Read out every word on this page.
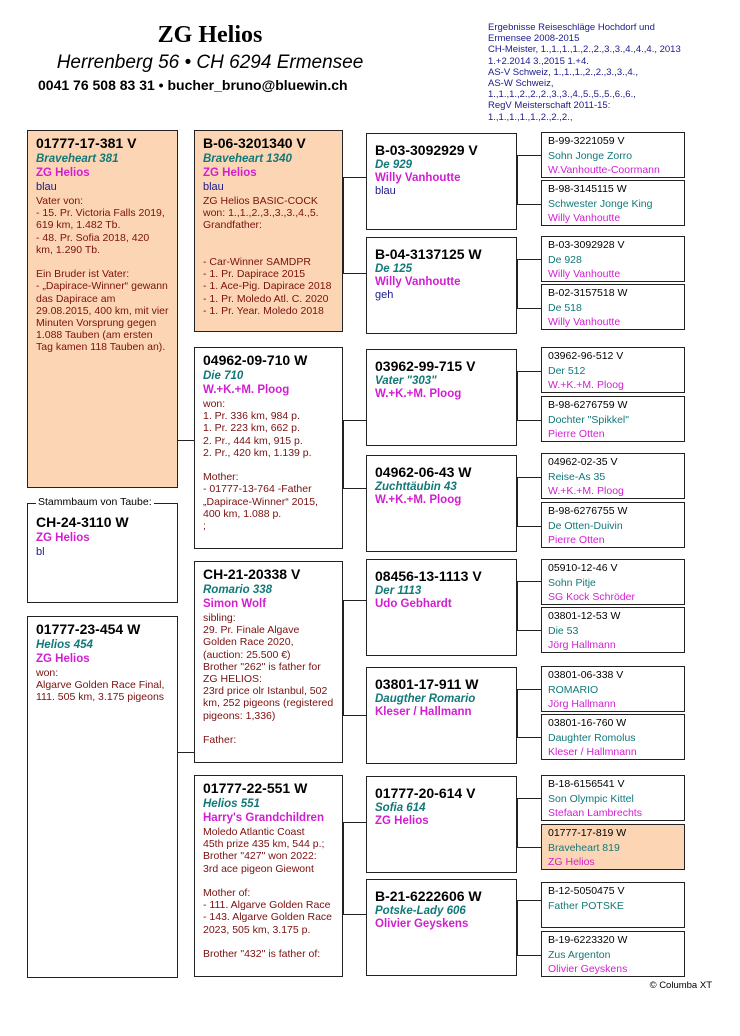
ZG Helios
Herrenberg 56 • CH 6294 Ermensee
0041 76 508 83 31 • bucher_bruno@bluewin.ch
Ergebnisse Reiseschläge Hochdorf und Ermensee 2008-2015
CH-Meister, 1.,1.,1.,1.,2.,2.,3.,3.,4.,4.,4., 2013 1.+2.2014 3.,2015 1.+4.
AS-V Schweiz, 1.,1.,1.,2.,2.,3.,3.,4.,
AS-W Schweiz,
1.,1.,1.,2.,2.,2.,3.,3.,4.,5.,5.,5.,6.,6.,
RegV Meisterschaft 2011-15:
1.,1.,1.,1.,1.,2.,2.,2.,
01777-17-381 V
Braveheart 381
ZG Helios
blau
Vater von:
- 15. Pr. Victoria Falls 2019, 619 km, 1.482 Tb.
- 48. Pr. Sofia 2018, 420 km, 1.290 Tb.

Ein Bruder ist Vater:
- „Dapirace-Winner“ gewann das Dapirace am 29.08.2015, 400 km, mit vier Minuten Vorsprung gegen 1.088 Tauben (am ersten Tag kamen 118 Tauben an).
CH-24-3110 W
ZG Helios
bl
Stammbaum von Taube:
01777-23-454 W
Helios 454
ZG Helios
won:
Algarve Golden Race Final, 111. 505 km, 3.175 pigeons
B-06-3201340 V
Braveheart 1340
ZG Helios
blau
ZG Helios BASIC-COCK
won: 1.,1.,2.,3.,3.,3.,4.,5. Grandfather:

- Car-Winner SAMDPR
- 1. Pr. Dapirace 2015
- 1. Ace-Pig. Dapirace 2018
- 1. Pr. Moledo Atl. C. 2020
- 1. Pr. Year. Moledo 2018
04962-09-710 W
Die 710
W.+K.+M. Ploog
won:
1. Pr. 336 km, 984 p.
1. Pr. 223 km, 662 p.
2. Pr., 444 km, 915 p.
2. Pr., 420 km, 1.139 p.

Mother:
- 01777-13-764 -Father „Dapirace-Winner“ 2015, 400 km, 1.088 p.
;
CH-21-20338 V
Romario 338
Simon Wolf
sibling:
29. Pr. Finale Algave Golden Race 2020, (auction: 25.500 €)
Brother "262" is father for ZG HELIOS:
23rd price olr Istanbul, 502 km, 252 pigeons (registered pigeons: 1,336)

Father:
01777-22-551 W
Helios 551
Harry's Grandchildren
Moledo Atlantic Coast
45th prize 435 km, 544 p.;
Brother "427" won 2022: 3rd ace pigeon Giewont

Mother of:
- 111. Algarve Golden Race
- 143. Algarve Golden Race 2023, 505 km, 3.175 p.

Brother "432" is father of:
B-03-3092929 V
De 929
Willy Vanhoutte
blau
B-04-3137125 W
De 125
Willy Vanhoutte
geh
03962-99-715 V
Vater "303"
W.+K.+M. Ploog
04962-06-43 W
Zuchttäubin 43
W.+K.+M. Ploog
08456-13-1113 V
Der 1113
Udo Gebhardt
03801-17-911 W
Daugther Romario
Kleser / Hallmann
01777-20-614 V
Sofia 614
ZG Helios
B-21-6222606 W
Potske-Lady 606
Olivier Geyskens
B-99-3221059 V
Sohn Jonge Zorro
W.Vanhoutte-Coormann
B-98-3145115 W
Schwester Jonge King
Willy Vanhoutte
B-03-3092928 V
De 928
Willy Vanhoutte
B-02-3157518 W
De 518
Willy Vanhoutte
03962-96-512 V
Der 512
W.+K.+M. Ploog
B-98-6276759 W
Dochter "Spikkel"
Pierre Otten
04962-02-35 V
Reise-As 35
W.+K.+M. Ploog
B-98-6276755 W
De Otten-Duivin
Pierre Otten
05910-12-46 V
Sohn Pitje
SG Kock Schröder
03801-12-53 W
Die 53
Jörg Hallmann
03801-06-338 V
ROMARIO
Jörg Hallmann
03801-16-760 W
Daughter Romolus
Kleser / Hallmnann
B-18-6156541 V
Son Olympic Kittel
Stefaan Lambrechts
01777-17-819 W
Braveheart 819
ZG Helios
B-12-5050475 V
Father POTSKE
B-19-6223320 W
Zus Argenton
Olivier Geyskens
© Columba XT
